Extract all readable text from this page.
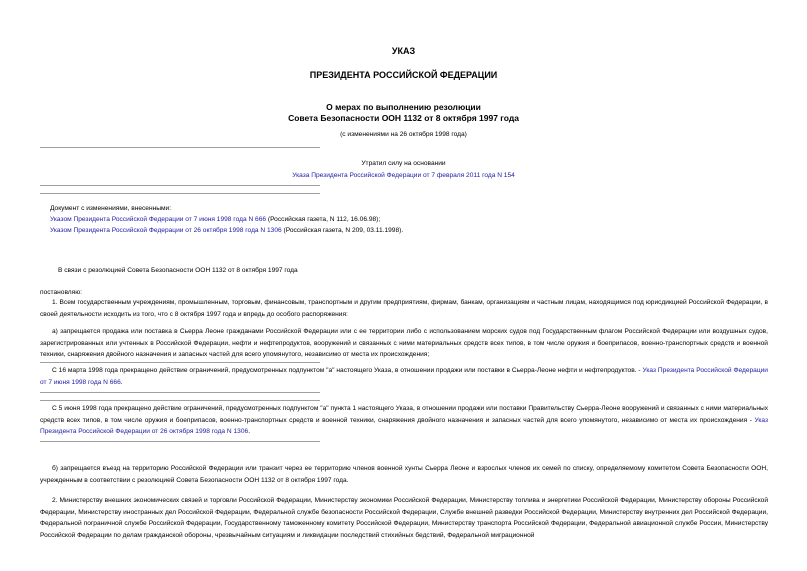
УКАЗ
ПРЕЗИДЕНТА РОССИЙСКОЙ ФЕДЕРАЦИИ
О мерах по выполнению резолюции
Совета Безопасности ООН 1132 от 8 октября 1997 года
(с изменениями на 26 октября 1998 года)
Утратил силу на основании
Указа Президента Российской Федерации от 7 февраля 2011 года N 154
Документ с изменениями, внесенными:
Указом Президента Российской Федерации от 7 июня 1998 года N 666 (Российская газета, N 112, 16.06.98);
Указом Президента Российской Федерации от 26 октября 1998 года N 1306 (Российская газета, N 209, 03.11.1998).
В связи с резолюцией Совета Безопасности ООН 1132 от 8 октября 1997 года
постановляю:
1. Всем государственным учреждениям, промышленным, торговым, финансовым, транспортным и другим предприятиям, фирмам, банкам, организациям и частным лицам, находящимся под юрисдикцией Российской Федерации, в своей деятельности исходить из того, что с 8 октября 1997 года и впредь до особого распоряжения:
а) запрещается продажа или поставка в Сьерра Леоне гражданами Российской Федерации или с ее территории либо с использованием морских судов под Государственным флагом Российской Федерации или воздушных судов, зарегистрированных или учтенных в Российской Федерации, нефти и нефтепродуктов, вооружений и связанных с ними материальных средств всех типов, в том числе оружия и боеприпасов, военно-транспортных средств и военной техники, снаряжения двойного назначения и запасных частей для всего упомянутого, независимо от места их происхождения;
С 16 марта 1998 года прекращено действие ограничений, предусмотренных подпунктом "а" настоящего Указа, в отношении продажи или поставки в Сьерра-Леоне нефти и нефтепродуктов. - Указ Президента Российской Федерации от 7 июня 1998 года N 666.
С 5 июня 1998 года прекращено действие ограничений, предусмотренных подпунктом "а" пункта 1 настоящего Указа, в отношении продажи или поставки Правительству Сьерра-Леоне вооружений и связанных с ними материальных средств всех типов, в том числе оружия и боеприпасов, военно-транспортных средств и военной техники, снаряжения двойного назначения и запасных частей для всего упомянутого, независимо от места их происхождения - Указ Президента Российской Федерации от 26 октября 1998 года N 1306.
б) запрещается въезд на территорию Российской Федерации или транзит через ее территорию членов военной хунты Сьерра Леоне и взрослых членов их семей по списку, определяемому комитетом Совета Безопасности ООН, учрежденным в соответствии с резолюцией Совета Безопасности ООН 1132 от 8 октября 1997 года.
2. Министерству внешних экономических связей и торговли Российской Федерации, Министерству экономики Российской Федерации, Министерству топлива и энергетики Российской Федерации, Министерству обороны Российской Федерации, Министерству иностранных дел Российской Федерации, Федеральной службе безопасности Российской Федерации, Службе внешней разведки Российской Федерации, Министерству внутренних дел Российской Федерации, Федеральной пограничной службе Российской Федерации, Государственному таможенному комитету Российской Федерации, Министерству транспорта Российской Федерации, Федеральной авиационной службе России, Министерству Российской Федерации по делам гражданской обороны, чрезвычайным ситуациям и ликвидации последствий стихийных бедствий, Федеральной миграционной
